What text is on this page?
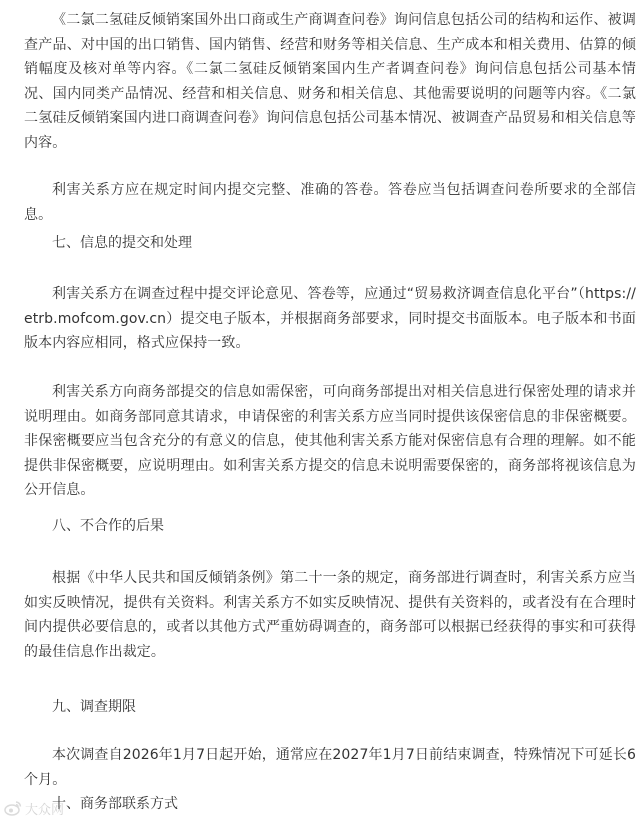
《二氯二氢硅反倾销案国外出口商或生产商调查问卷》询问信息包括公司的结构和运作、被调查产品、对中国的出口销售、国内销售、经营和财务等相关信息、生产成本和相关费用、估算的倾销幅度及核对单等内容。《二氯二氢硅反倾销案国内生产者调查问卷》询问信息包括公司基本情况、国内同类产品情况、经营和相关信息、财务和相关信息、其他需要说明的问题等内容。《二氯二氢硅反倾销案国内进口商调查问卷》询问信息包括公司基本情况、被调查产品贸易和相关信息等内容。

利害关系方应在规定时间内提交完整、准确的答卷。答卷应当包括调查问卷所要求的全部信息。

七、信息的提交和处理

利害关系方在调查过程中提交评论意见、答卷等，应通过“贸易救济调查信息化平台”（https://etrb.mofcom.gov.cn）提交电子版本，并根据商务部要求，同时提交书面版本。电子版本和书面版本内容应相同，格式应保持一致。

利害关系方向商务部提交的信息如需保密，可向商务部提出对相关信息进行保密处理的请求并说明理由。如商务部同意其请求，申请保密的利害关系方应当同时提供该保密信息的非保密概要。非保密概要应当包含充分的有意义的信息，使其他利害关系方能对保密信息有合理的理解。如不能提供非保密概要，应说明理由。如利害关系方提交的信息未说明需要保密的，商务部将视该信息为公开信息。

八、不合作的后果

根据《中华人民共和国反倾销条例》第二十一条的规定，商务部进行调查时，利害关系方应当如实反映情况，提供有关资料。利害关系方不如实反映情况、提供有关资料的，或者没有在合理时间内提供必要信息的，或者以其他方式严重妨碍调查的，商务部可以根据已经获得的事实和可获得的最佳信息作出裁定。

九、调查期限

本次调查自2026年1月7日起开始，通常应在2027年1月7日前结束调查，特殊情况下可延长6个月。

十、商务部联系方式
大众网
